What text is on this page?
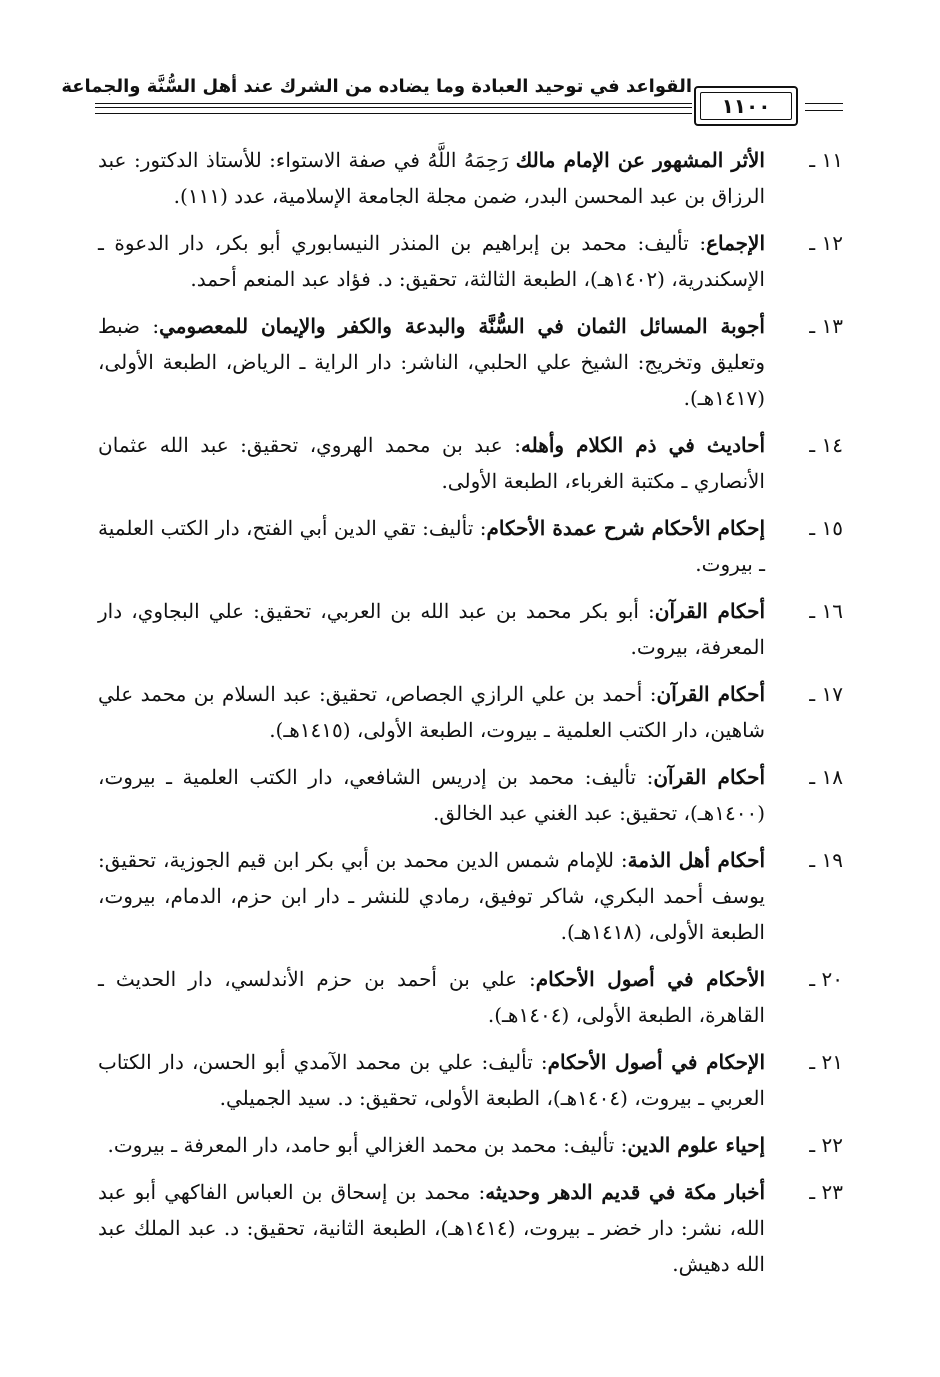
القواعد في توحيد العبادة وما يضاده من الشرك عند أهل السُّنَّة والجماعة
١١٠٠
١١ ـ
الأثر المشهور عن الإمام مالك رَحِمَهُ اللَّهُ في صفة الاستواء: للأستاذ الدكتور: عبد الرزاق بن عبد المحسن البدر، ضمن مجلة الجامعة الإسلامية، عدد (١١١).
١٢ ـ
الإجماع: تأليف: محمد بن إبراهيم بن المنذر النيسابوري أبو بكر، دار الدعوة ـ الإسكندرية، (١٤٠٢هـ)، الطبعة الثالثة، تحقيق: د. فؤاد عبد المنعم أحمد.
١٣ ـ
أجوبة المسائل الثمان في السُّنَّة والبدعة والكفر والإيمان للمعصومي: ضبط وتعليق وتخريج: الشيخ علي الحلبي، الناشر: دار الراية ـ الرياض، الطبعة الأولى، (١٤١٧هـ).
١٤ ـ
أحاديث في ذم الكلام وأهله: عبد بن محمد الهروي، تحقيق: عبد الله عثمان الأنصاري ـ مكتبة الغرباء، الطبعة الأولى.
١٥ ـ
إحكام الأحكام شرح عمدة الأحكام: تأليف: تقي الدين أبي الفتح، دار الكتب العلمية ـ بيروت.
١٦ ـ
أحكام القرآن: أبو بكر محمد بن عبد الله بن العربي، تحقيق: علي البجاوي، دار المعرفة، بيروت.
١٧ ـ
أحكام القرآن: أحمد بن علي الرازي الجصاص، تحقيق: عبد السلام بن محمد علي شاهين، دار الكتب العلمية ـ بيروت، الطبعة الأولى، (١٤١٥هـ).
١٨ ـ
أحكام القرآن: تأليف: محمد بن إدريس الشافعي، دار الكتب العلمية ـ بيروت، (١٤٠٠هـ)، تحقيق: عبد الغني عبد الخالق.
١٩ ـ
أحكام أهل الذمة: للإمام شمس الدين محمد بن أبي بكر ابن قيم الجوزية، تحقيق: يوسف أحمد البكري، شاكر توفيق، رمادي للنشر ـ دار ابن حزم، الدمام، بيروت، الطبعة الأولى، (١٤١٨هـ).
٢٠ ـ
الأحكام في أصول الأحكام: علي بن أحمد بن حزم الأندلسي، دار الحديث ـ القاهرة، الطبعة الأولى، (١٤٠٤هـ).
٢١ ـ
الإحكام في أصول الأحكام: تأليف: علي بن محمد الآمدي أبو الحسن، دار الكتاب العربي ـ بيروت، (١٤٠٤هـ)، الطبعة الأولى، تحقيق: د. سيد الجميلي.
٢٢ ـ
إحياء علوم الدين: تأليف: محمد بن محمد الغزالي أبو حامد، دار المعرفة ـ بيروت.
٢٣ ـ
أخبار مكة في قديم الدهر وحديثه: محمد بن إسحاق بن العباس الفاكهي أبو عبد الله، نشر: دار خضر ـ بيروت، (١٤١٤هـ)، الطبعة الثانية، تحقيق: د. عبد الملك عبد الله دهيش.
